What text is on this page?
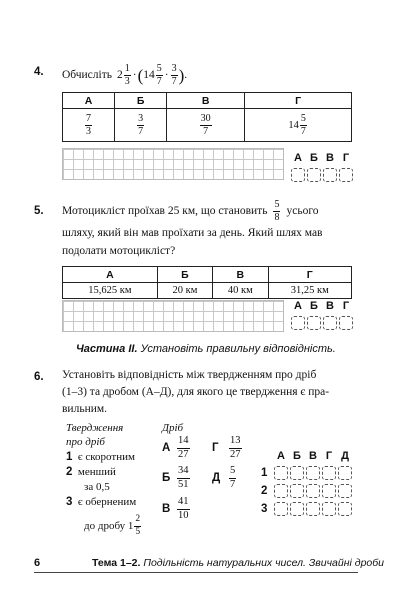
4. Обчисліть $2 \frac{1}{3}$ · ( $14 \frac{5}{7} \cdot \frac{3}{7}$ ) .
А	Б	В	Г

$\frac{7}{3}$	$\frac{3}{7}$	$\frac{30}{7}$	$14 \frac{5}{7}$
А Б В Г
5. Мотоцикліст проїхав 25 км, що становить $\frac{5}{8}$ усього
шляху, який він мав проїхати за день. Який шлях мав
подолати мотоцикліст?
А	Б	В	Г
15,625 км	20 км	40 км	31,25 км
А Б В Г
Частина II. Установіть правильну відповідність.
6. Установіть відповідність між твердженням про дріб
(1–3) та дробом (А–Д), для якого це твердження є пра-
вильним.
Твердження
про дріб
1 є скоротним
2 менший
за 0,5
3 є оберненим
до дробу $1 \frac{2}{5}$
Дріб
А $\frac{14}{27}$
Б $\frac{34}{51}$
В $\frac{41}{10}$
Г $\frac{13}{27}$
Д $\frac{5}{7}$
А Б В Г Д
1
2
3
6	Тема 1–2. Подільність натуральних чисел. Звичайні дроби
